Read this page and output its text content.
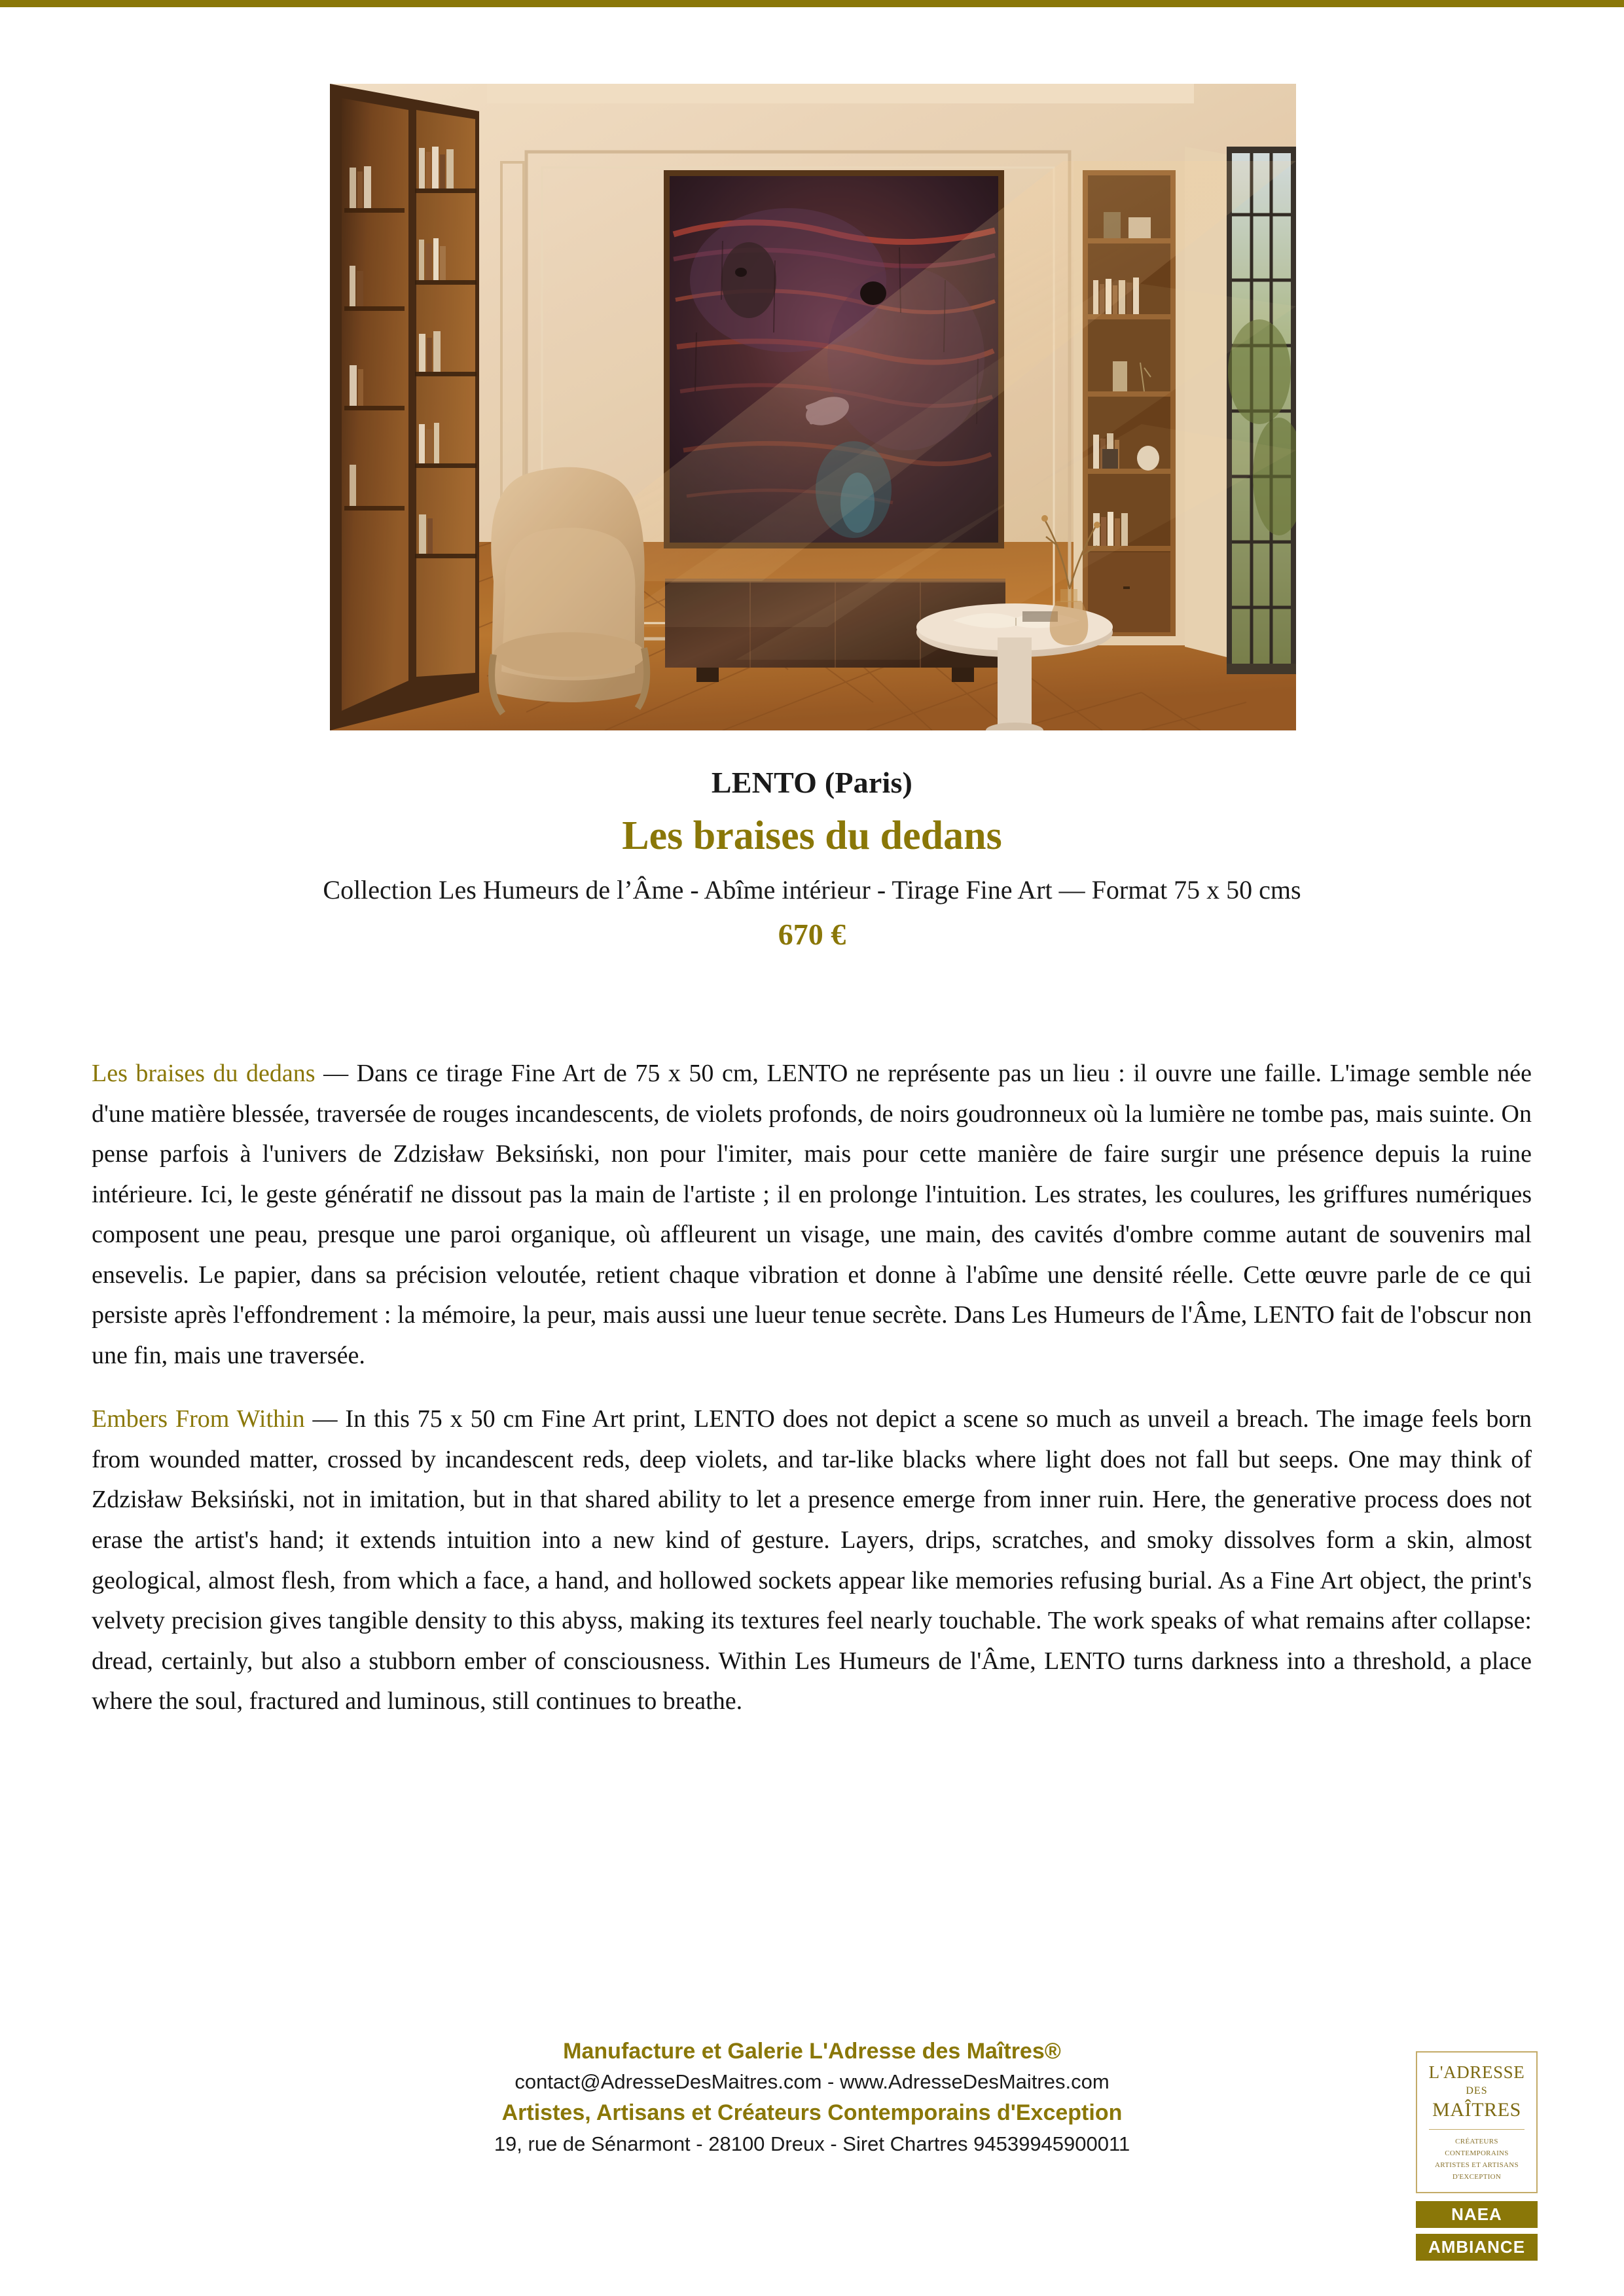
LENTO (Paris)
Les braises du dedans
Collection Les Humeurs de l’Âme - Abîme intérieur - Tirage Fine Art — Format 75 x 50 cms
670 €

Les braises du dedans — Dans ce tirage Fine Art de 75 x 50 cm, LENTO ne représente pas un lieu : il ouvre une faille. L'image semble née d'une matière blessée, traversée de rouges incandescents, de violets profonds, de noirs goudronneux où la lumière ne tombe pas, mais suinte. On pense parfois à l'univers de Zdzisław Beksiński, non pour l'imiter, mais pour cette manière de faire surgir une présence depuis la ruine intérieure. Ici, le geste génératif ne dissout pas la main de l'artiste ; il en prolonge l'intuition. Les strates, les coulures, les griffures numériques composent une peau, presque une paroi organique, où affleurent un visage, une main, des cavités d'ombre comme autant de souvenirs mal ensevelis. Le papier, dans sa précision veloutée, retient chaque vibration et donne à l'abîme une densité réelle. Cette œuvre parle de ce qui persiste après l'effondrement : la mémoire, la peur, mais aussi une lueur tenue secrète. Dans Les Humeurs de l'Âme, LENTO fait de l'obscur non une fin, mais une traversée.

Embers From Within — In this 75 x 50 cm Fine Art print, LENTO does not depict a scene so much as unveil a breach. The image feels born from wounded matter, crossed by incandescent reds, deep violets, and tar-like blacks where light does not fall but seeps. One may think of Zdzisław Beksiński, not in imitation, but in that shared ability to let a presence emerge from inner ruin. Here, the generative process does not erase the artist's hand; it extends intuition into a new kind of gesture. Layers, drips, scratches, and smoky dissolves form a skin, almost geological, almost flesh, from which a face, a hand, and hollowed sockets appear like memories refusing burial. As a Fine Art object, the print's velvety precision gives tangible density to this abyss, making its textures feel nearly touchable. The work speaks of what remains after collapse: dread, certainly, but also a stubborn ember of consciousness. Within Les Humeurs de l'Âme, LENTO turns darkness into a threshold, a place where the soul, fractured and luminous, still continues to breathe.

Manufacture et Galerie L'Adresse des Maîtres®
contact@AdresseDesMaitres.com - www.AdresseDesMaitres.com
Artistes, Artisans et Créateurs Contemporains d'Exception
19, rue de Sénarmont - 28100 Dreux - Siret Chartres 94539945900011
L'ADRESSE
DES
MAÎTRES
CRÉATEURS CONTEMPORAINS
ARTISTES ET ARTISANS
D'EXCEPTION
NAEA
AMBIANCE
